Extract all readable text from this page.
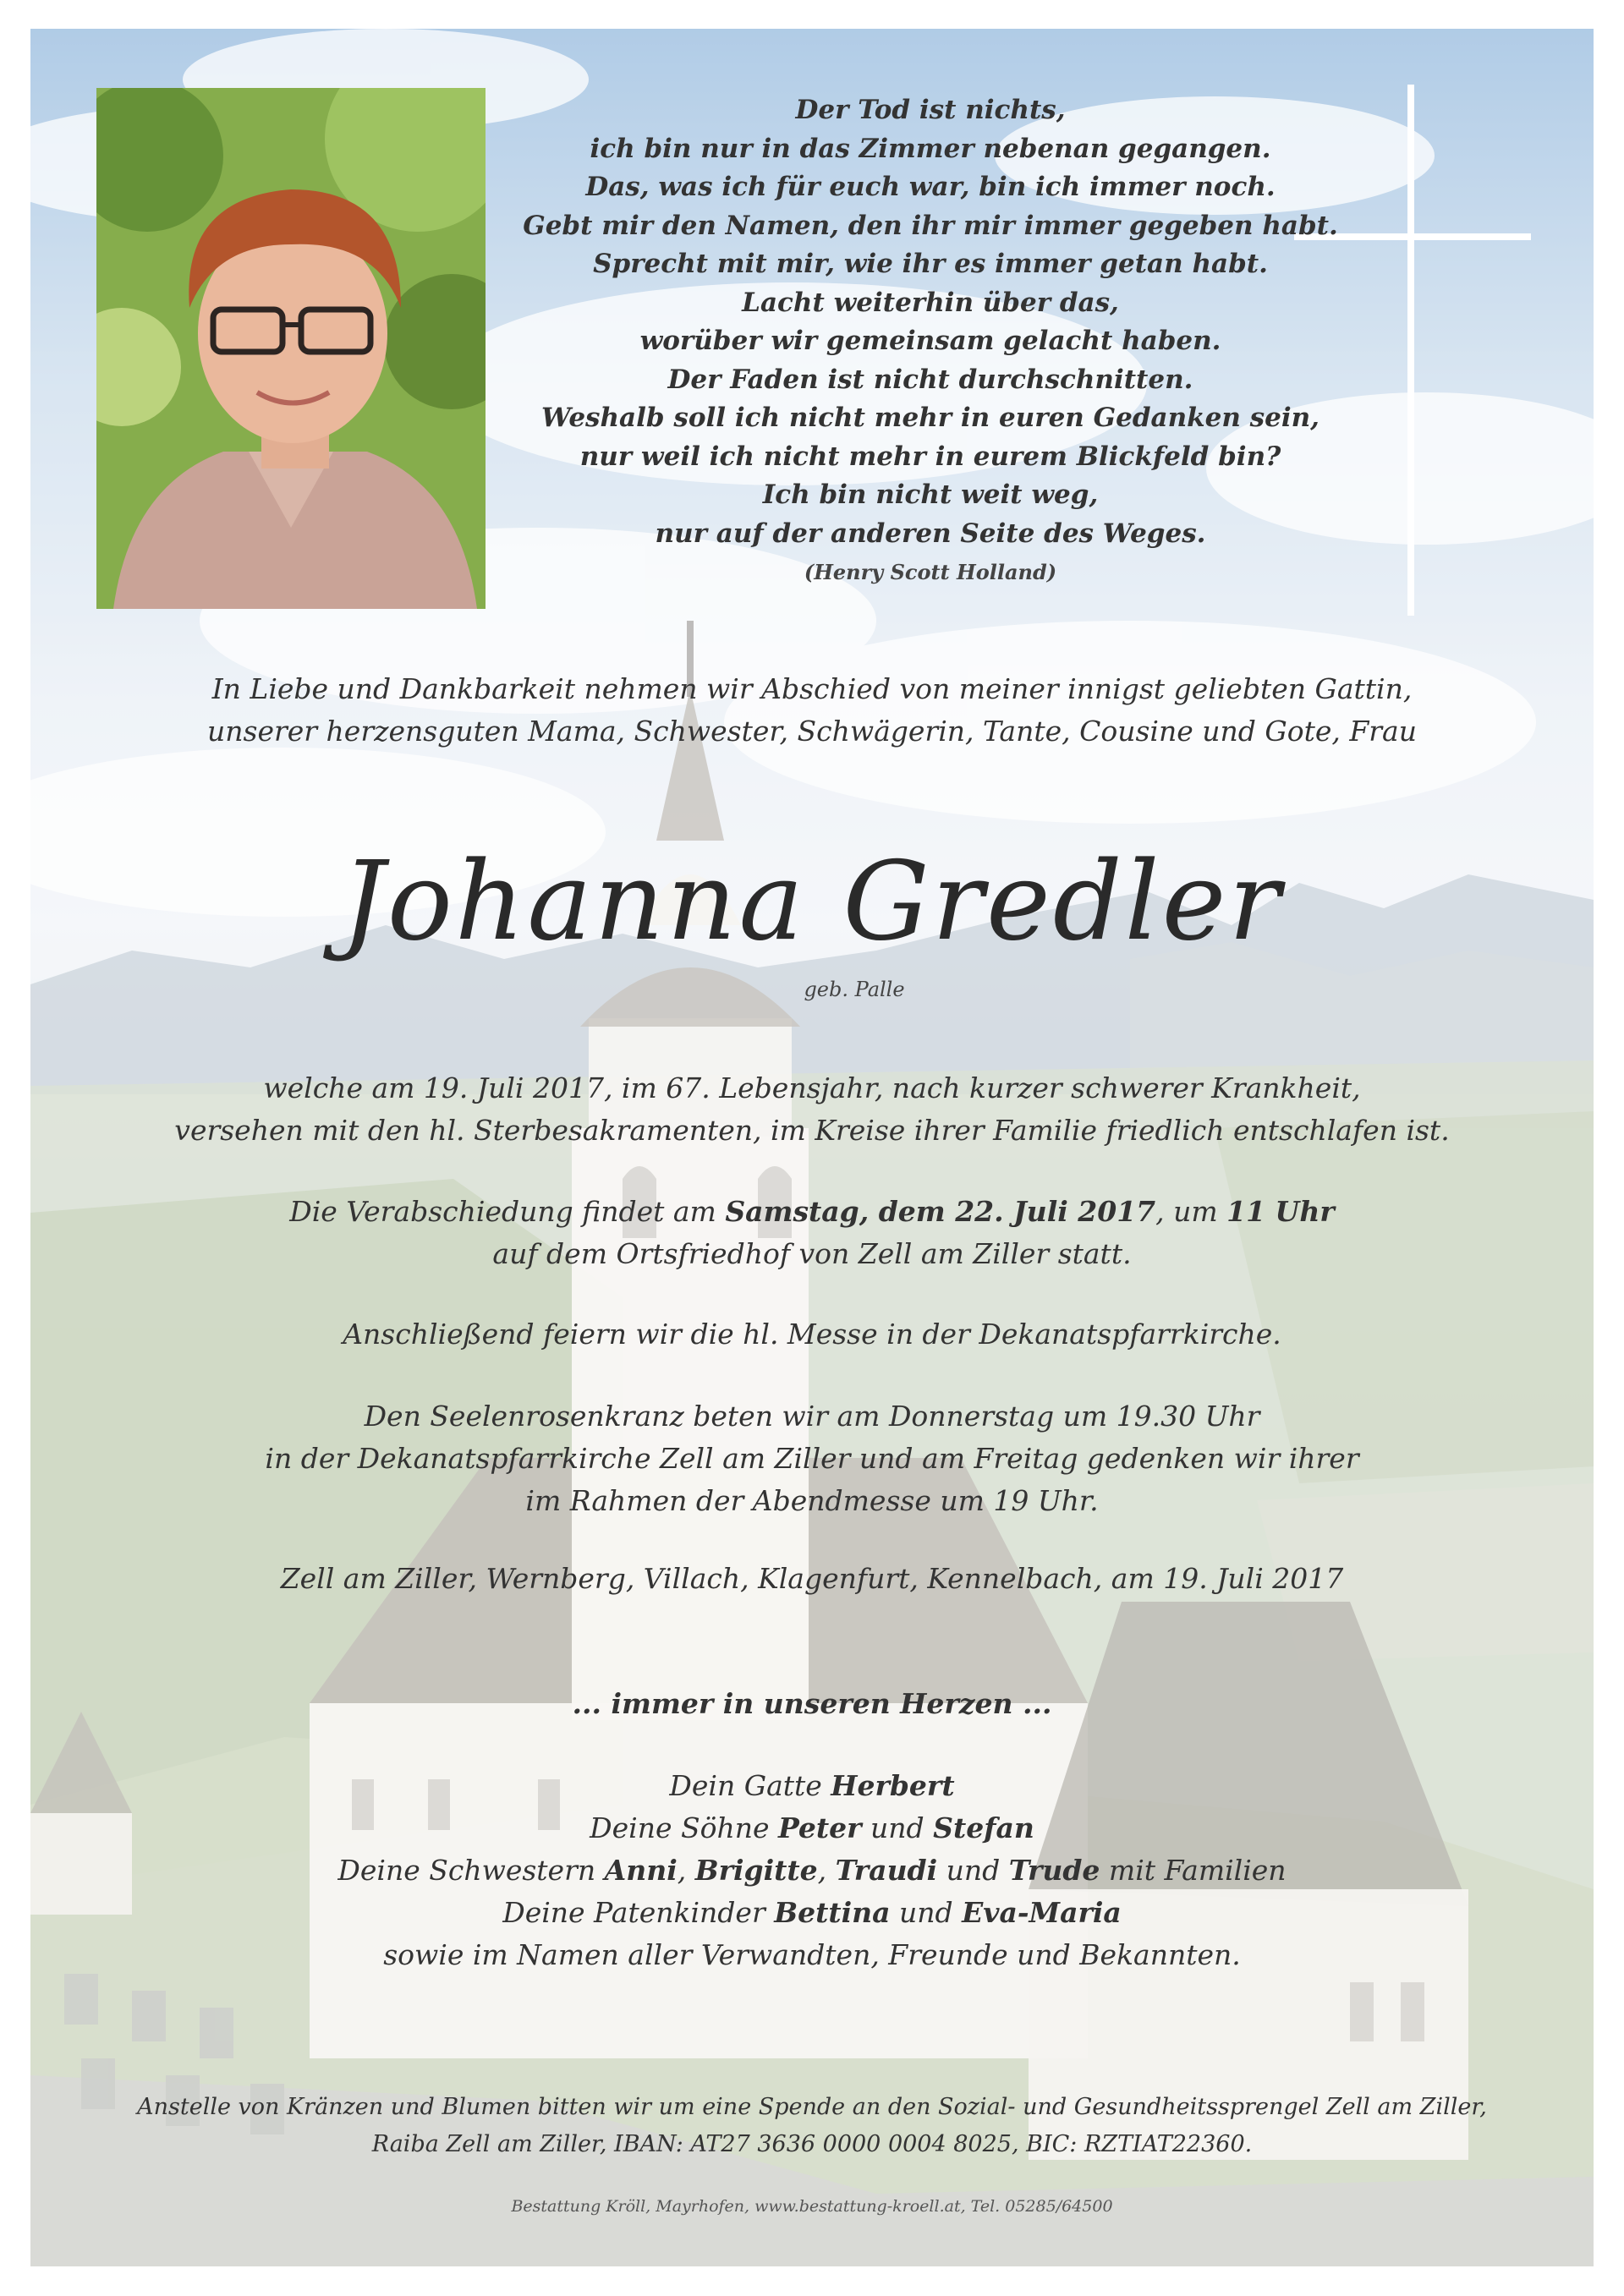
Der Tod ist nichts,
ich bin nur in das Zimmer nebenan gegangen.
Das, was ich für euch war, bin ich immer noch.
Gebt mir den Namen, den ihr mir immer gegeben habt.
Sprecht mit mir, wie ihr es immer getan habt.
Lacht weiterhin über das,
worüber wir gemeinsam gelacht haben.
Der Faden ist nicht durchschnitten.
Weshalb soll ich nicht mehr in euren Gedanken sein,
nur weil ich nicht mehr in eurem Blickfeld bin?
Ich bin nicht weit weg,
nur auf der anderen Seite des Weges.
(Henry Scott Holland)
In Liebe und Dankbarkeit nehmen wir Abschied von meiner innigst geliebten Gattin,
unserer herzensguten Mama, Schwester, Schwägerin, Tante, Cousine und Gote, Frau
Johanna Gredler
geb. Palle
welche am 19. Juli 2017, im 67. Lebensjahr, nach kurzer schwerer Krankheit,
versehen mit den hl. Sterbesakramenten, im Kreise ihrer Familie friedlich entschlafen ist.
Die Verabschiedung findet am Samstag, dem 22. Juli 2017, um 11 Uhr
auf dem Ortsfriedhof von Zell am Ziller statt.
Anschließend feiern wir die hl. Messe in der Dekanatspfarrkirche.
Den Seelenrosenkranz beten wir am Donnerstag um 19.30 Uhr
in der Dekanatspfarrkirche Zell am Ziller und am Freitag gedenken wir ihrer
im Rahmen der Abendmesse um 19 Uhr.
Zell am Ziller, Wernberg, Villach, Klagenfurt, Kennelbach, am 19. Juli 2017
... immer in unseren Herzen ...
Dein Gatte Herbert
Deine Söhne Peter und Stefan
Deine Schwestern Anni, Brigitte, Traudi und Trude mit Familien
Deine Patenkinder Bettina und Eva-Maria
sowie im Namen aller Verwandten, Freunde und Bekannten.
Anstelle von Kränzen und Blumen bitten wir um eine Spende an den Sozial- und Gesundheitssprengel Zell am Ziller,
Raiba Zell am Ziller, IBAN: AT27 3636 0000 0004 8025, BIC: RZTIAT22360.
Bestattung Kröll, Mayrhofen, www.bestattung-kroell.at, Tel. 05285/64500
